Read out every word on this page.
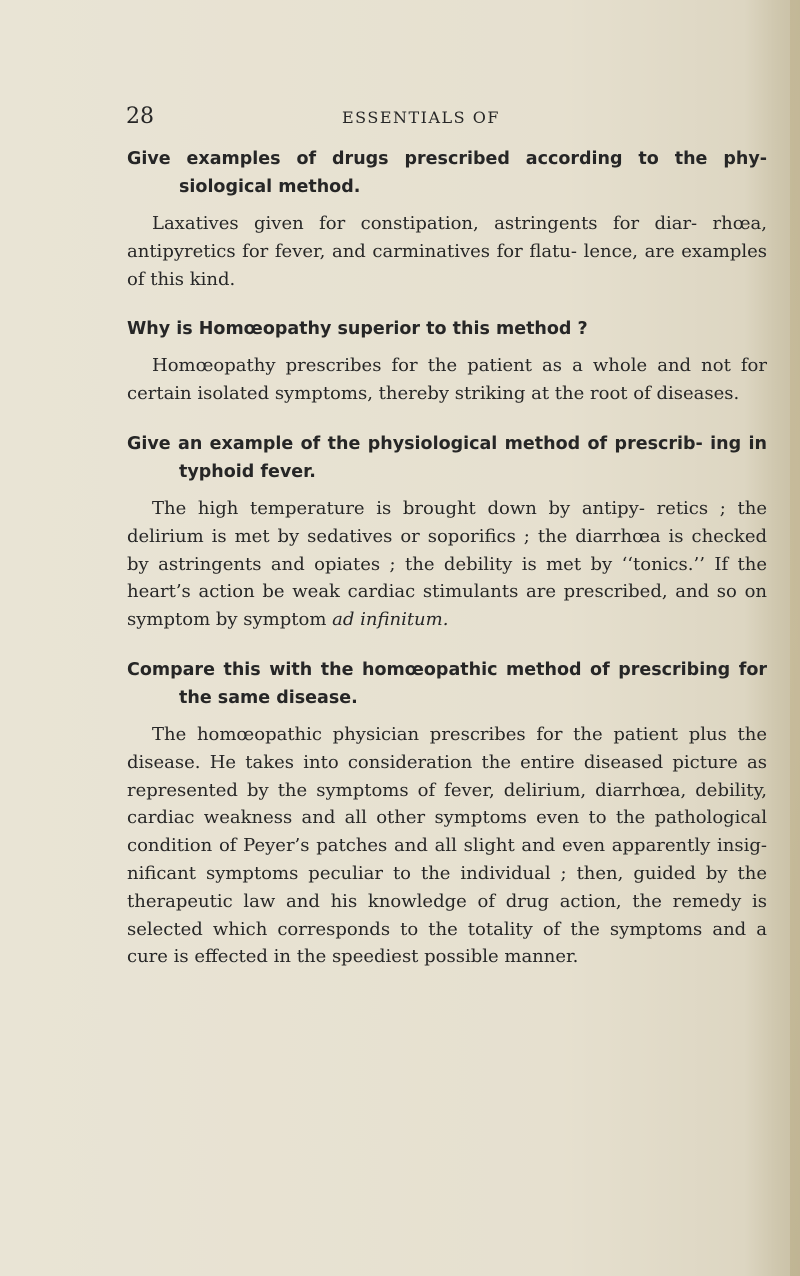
28	ESSENTIALS OF

Give examples of drugs prescribed according to the phy- siological method.

Laxatives given for constipation, astringents for diar- rhœa, antipyretics for fever, and carminatives for flatu- lence, are examples of this kind.

Why is Homœopathy superior to this method ?

Homœopathy prescribes for the patient as a whole and not for certain isolated symptoms, thereby striking at the root of diseases.

Give an example of the physiological method of prescrib- ing in typhoid fever.

The high temperature is brought down by antipy- retics ; the delirium is met by sedatives or soporifics ; the diarrhœa is checked by astringents and opiates ; the debility is met by ‘‘tonics.’’ If the heart’s action be weak cardiac stimulants are prescribed, and so on symptom by symptom ad infinitum.

Compare this with the homœopathic method of prescribing for the same disease.

The homœopathic physician prescribes for the patient plus the disease. He takes into consideration the entire diseased picture as represented by the symptoms of fever, delirium, diarrhœa, debility, cardiac weakness and all other symptoms even to the pathological condition of Peyer’s patches and all slight and even apparently insig- nificant symptoms peculiar to the individual ; then, guided by the therapeutic law and his knowledge of drug action, the remedy is selected which corresponds to the totality of the symptoms and a cure is effected in the speediest possible manner.
